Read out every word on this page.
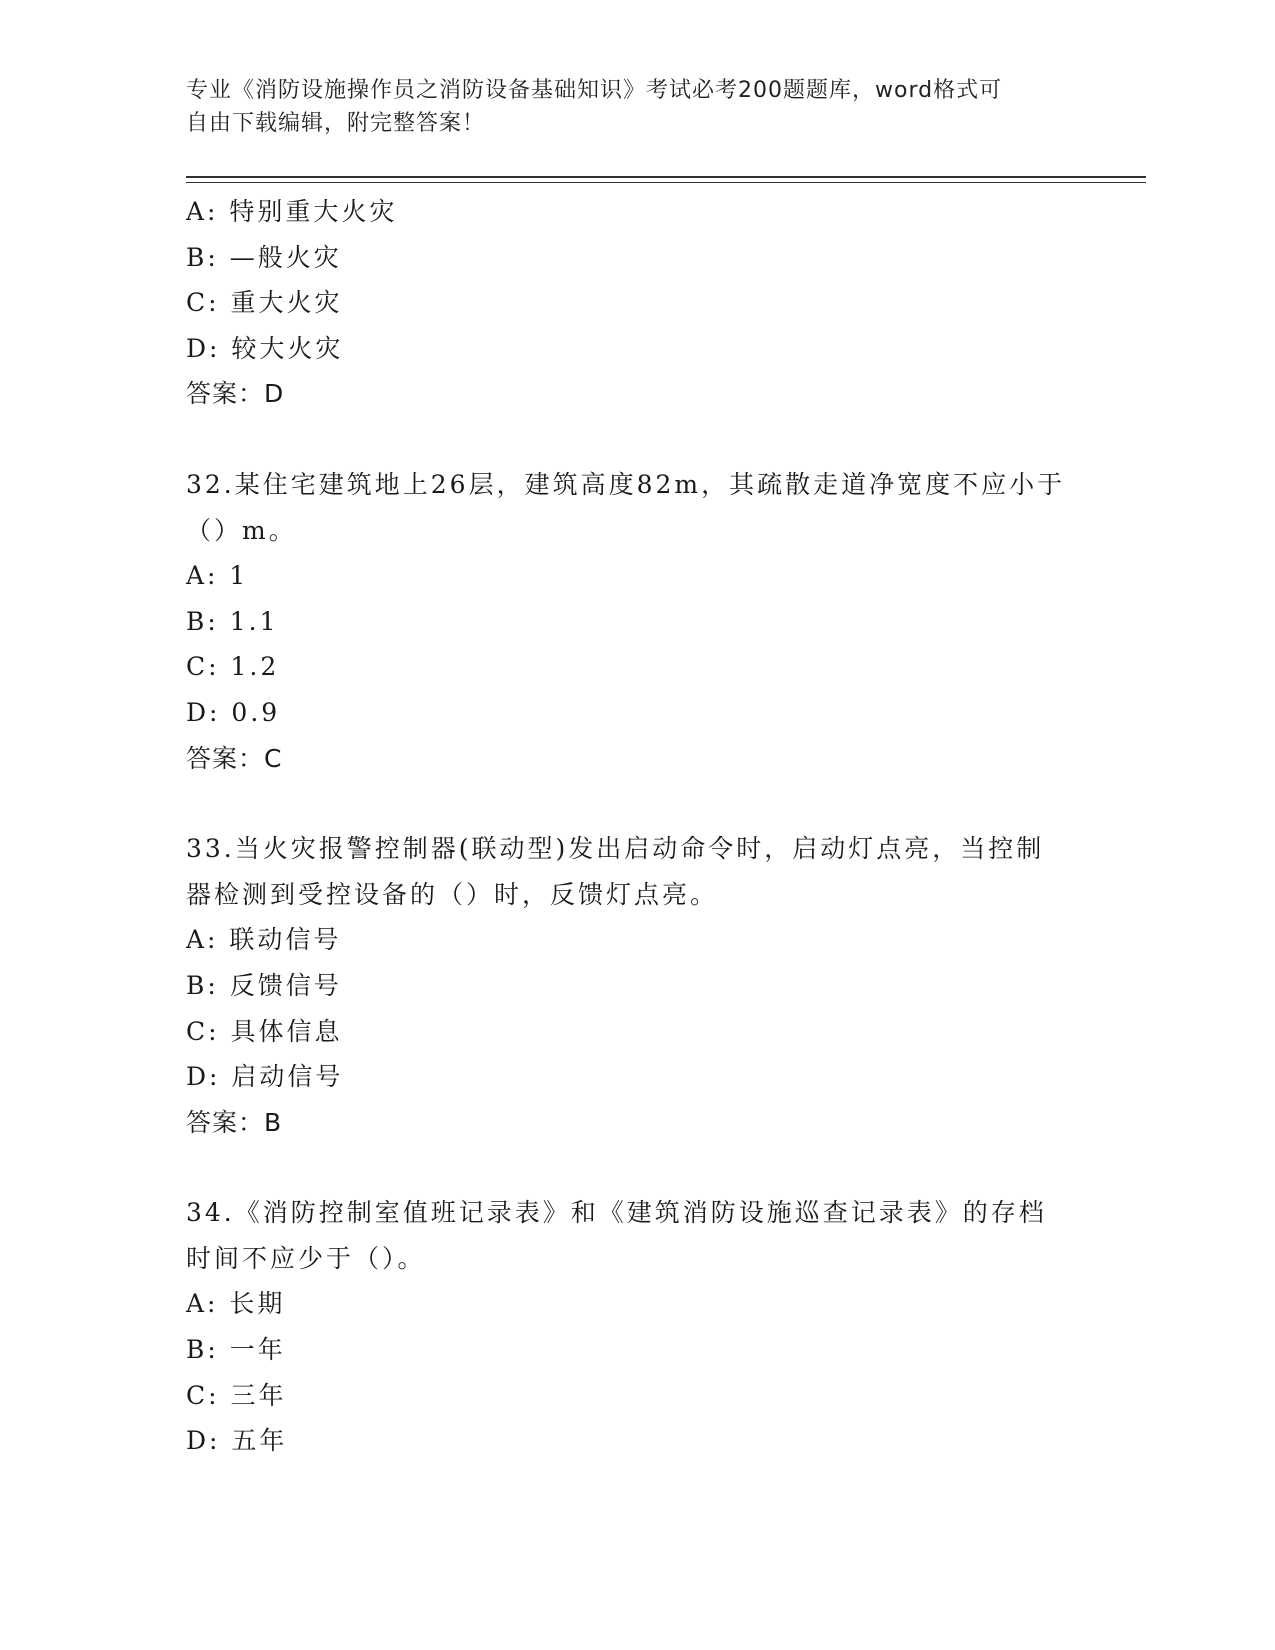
专业《消防设施操作员之消防设备基础知识》考试必考200题题库，word格式可
自由下载编辑，附完整答案！
A: 特别重大火灾
B: —般火灾
C: 重大火灾
D: 较大火灾
答案：D
32.某住宅建筑地上26层，建筑高度82m，其疏散走道净宽度不应小于
（）m。
A: 1
B: 1.1
C: 1.2
D: 0.9
答案：C
33.当火灾报警控制器(联动型)发出启动命令时，启动灯点亮，当控制
器检测到受控设备的（）时，反馈灯点亮。
A: 联动信号
B: 反馈信号
C: 具体信息
D: 启动信号
答案：B
34.《消防控制室值班记录表》和《建筑消防设施巡查记录表》的存档
时间不应少于（）。
A: 长期
B: 一年
C: 三年
D: 五年
